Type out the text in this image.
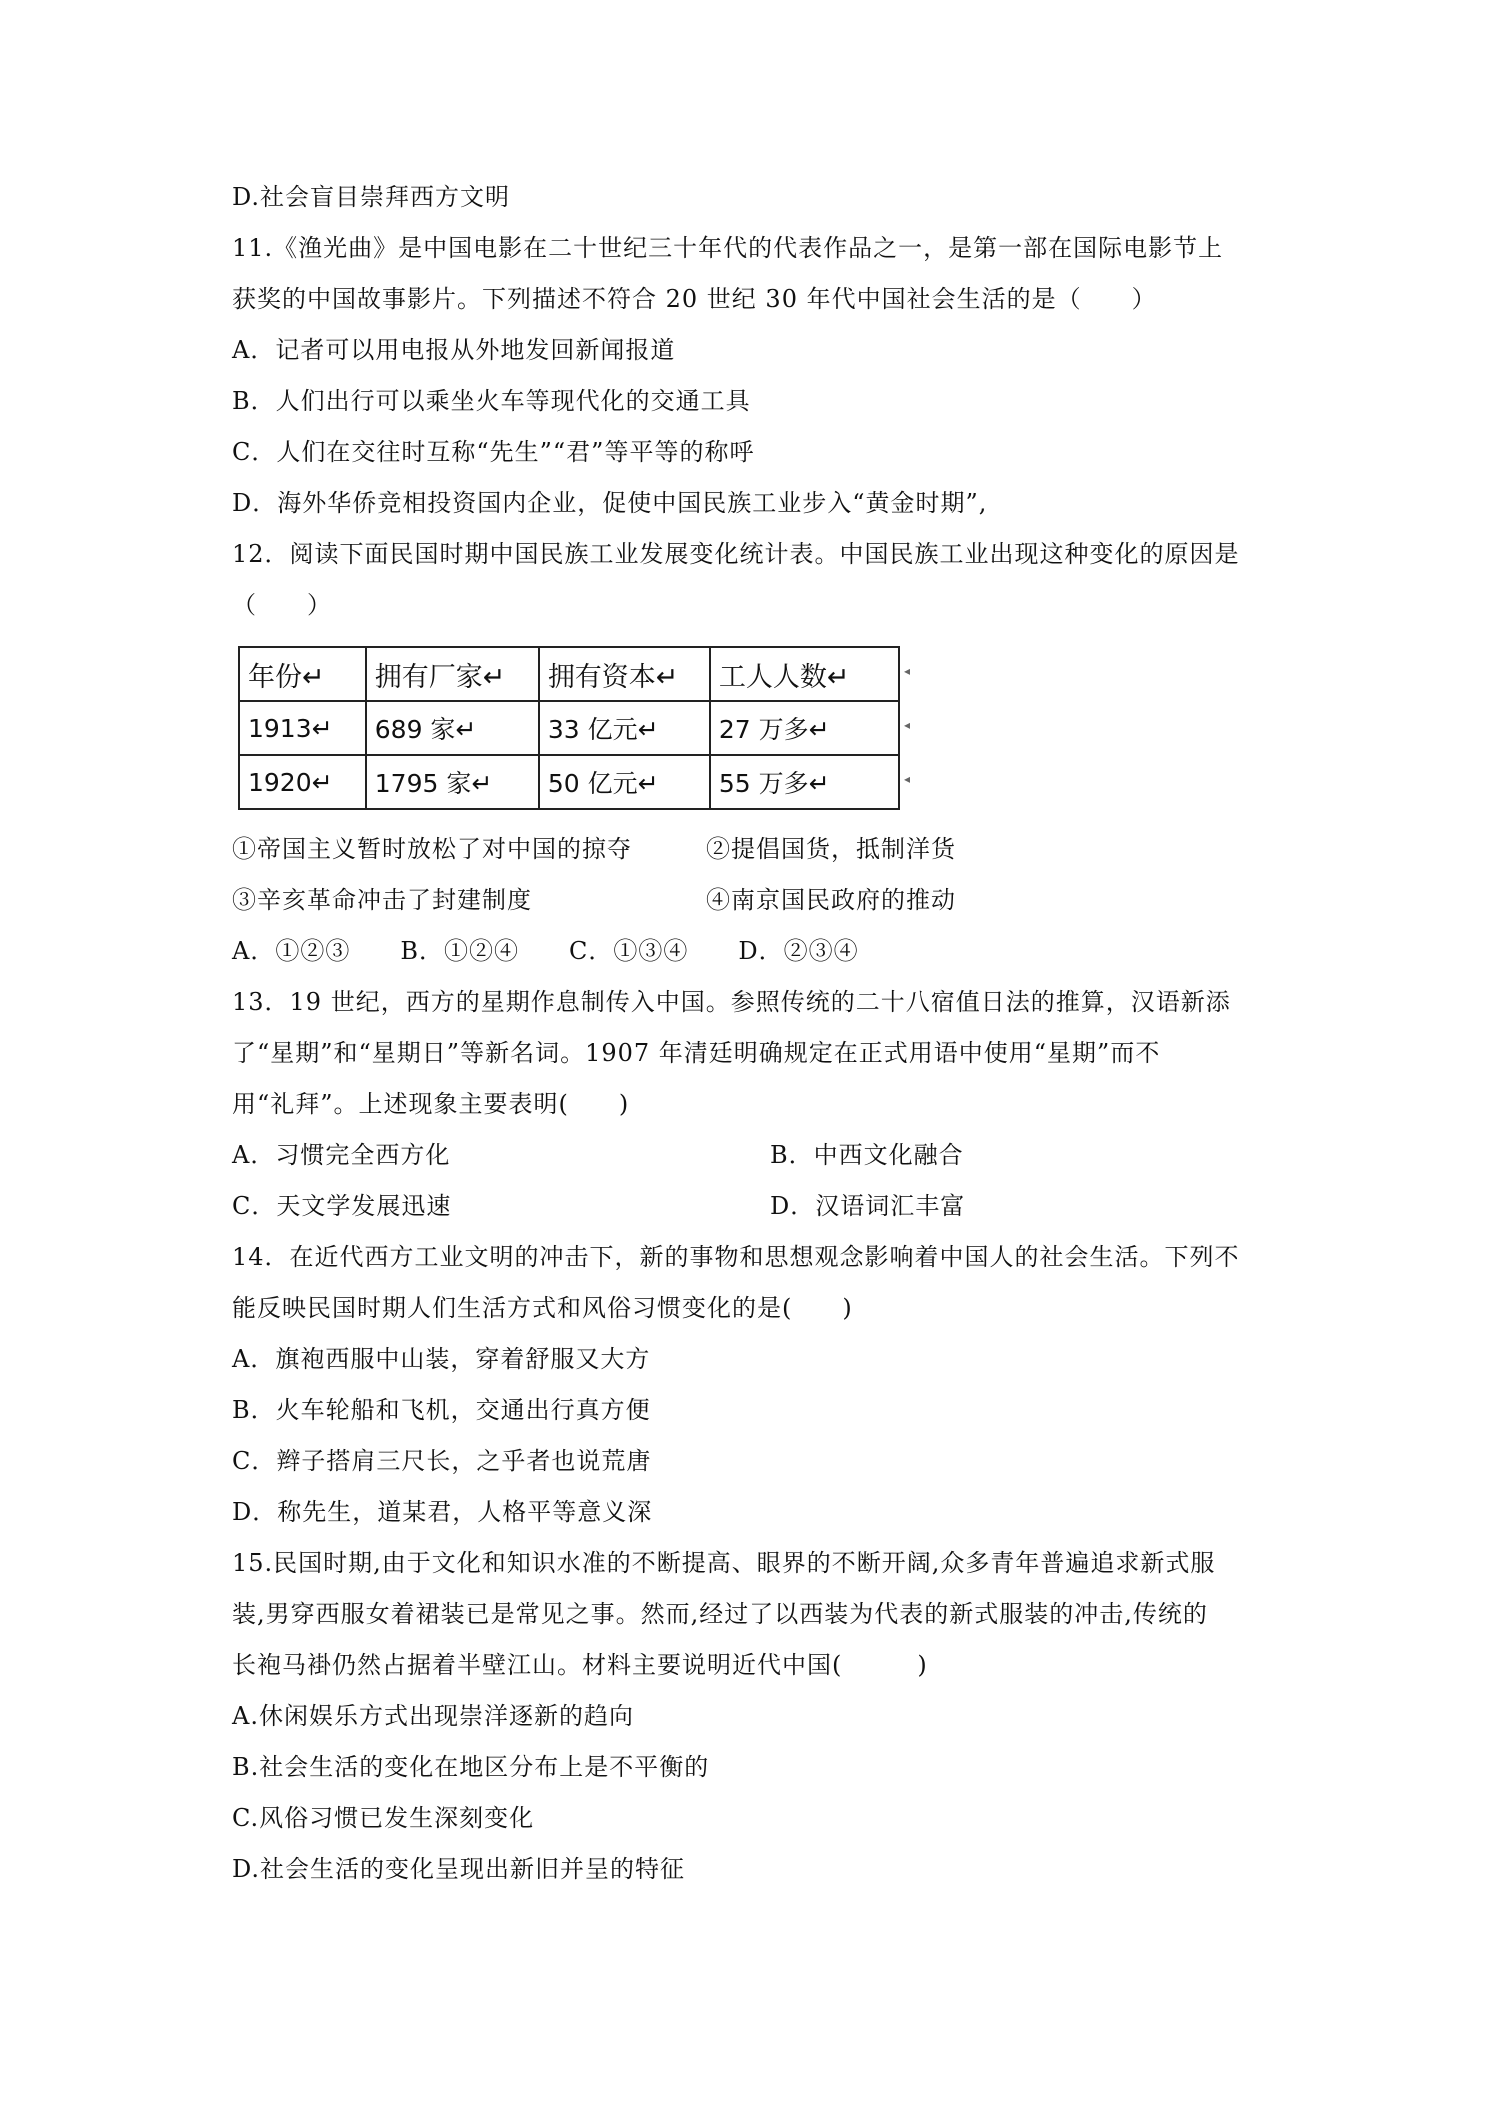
D.社会盲目崇拜西方文明
11.《渔光曲》是中国电影在二十世纪三十年代的代表作品之一，是第一部在国际电影节上
获奖的中国故事影片。下列描述不符合 20 世纪 30 年代中国社会生活的是（　　）
A．记者可以用电报从外地发回新闻报道
B．人们出行可以乘坐火车等现代化的交通工具
C．人们在交往时互称“先生”“君”等平等的称呼
D．海外华侨竞相投资国内企业，促使中国民族工业步入“黄金时期”,
12．阅读下面民国时期中国民族工业发展变化统计表。中国民族工业出现这种变化的原因是
（　　）
年份↵	拥有厂家↵	拥有资本↵	工人人数↵
1913↵	689 家↵	33 亿元↵	27 万多↵
1920↵	1795 家↵	50 亿元↵	55 万多↵
◂
◂
◂
①帝国主义暂时放松了对中国的掠夺	②提倡国货，抵制洋货
③辛亥革命冲击了封建制度	④南京国民政府的推动
A．①②③　　B．①②④　　C．①③④　　D．②③④
13．19 世纪，西方的星期作息制传入中国。参照传统的二十八宿值日法的推算，汉语新添
了“星期”和“星期日”等新名词。1907 年清廷明确规定在正式用语中使用“星期”而不
用“礼拜”。上述现象主要表明(　　)
A．习惯完全西方化	B．中西文化融合
C．天文学发展迅速	D．汉语词汇丰富
14．在近代西方工业文明的冲击下，新的事物和思想观念影响着中国人的社会生活。下列不
能反映民国时期人们生活方式和风俗习惯变化的是(　　)
A．旗袍西服中山装，穿着舒服又大方
B．火车轮船和飞机，交通出行真方便
C．辫子搭肩三尺长，之乎者也说荒唐
D．称先生，道某君，人格平等意义深
15.民国时期,由于文化和知识水准的不断提高、眼界的不断开阔,众多青年普遍追求新式服
装,男穿西服女着裙装已是常见之事。然而,经过了以西装为代表的新式服装的冲击,传统的
长袍马褂仍然占据着半壁江山。材料主要说明近代中国(　　　)
A.休闲娱乐方式出现崇洋逐新的趋向
B.社会生活的变化在地区分布上是不平衡的
C.风俗习惯已发生深刻变化
D.社会生活的变化呈现出新旧并呈的特征
